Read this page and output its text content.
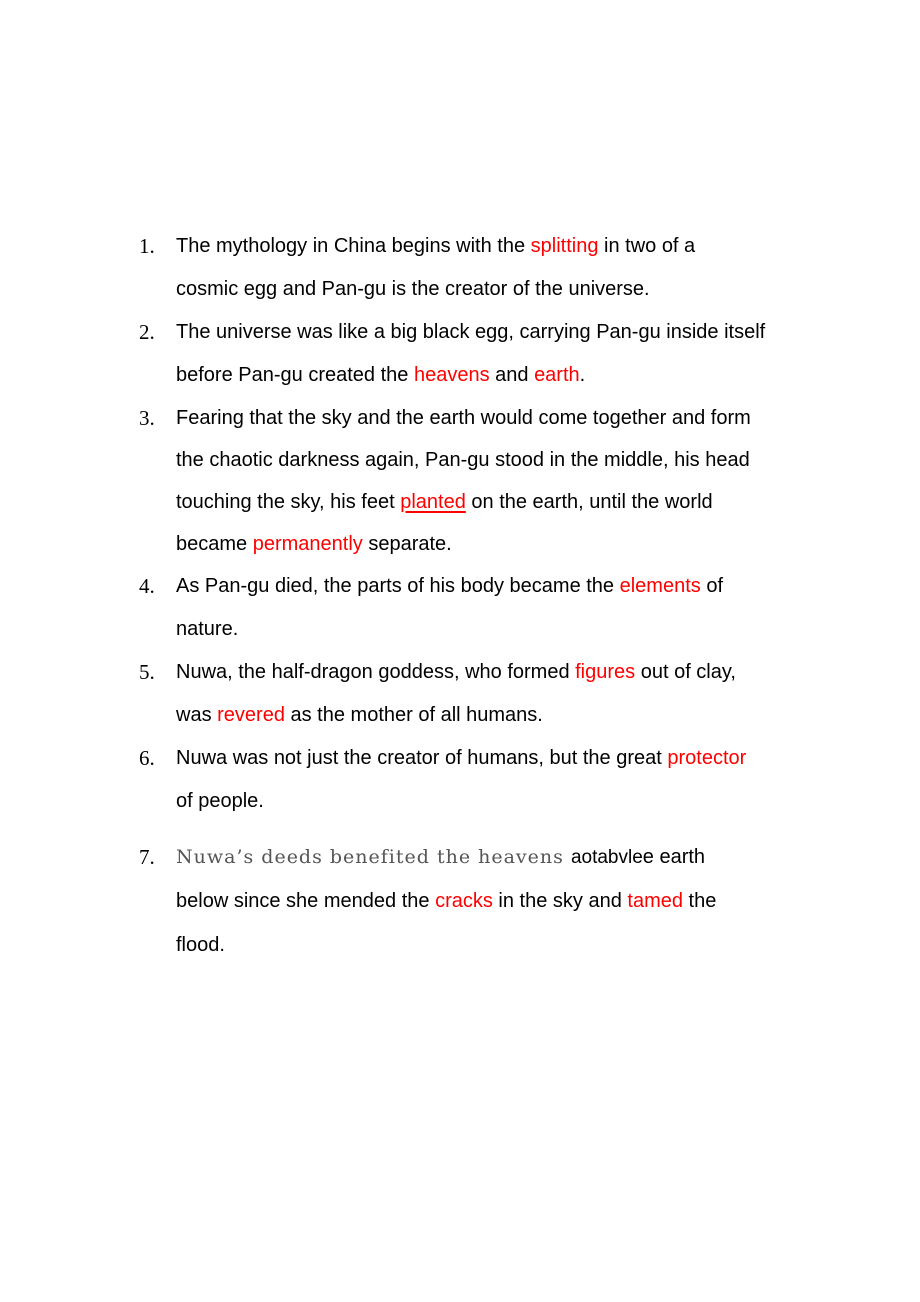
1.	The mythology in China begins with the splitting in two of a
cosmic egg and Pan-gu is the creator of the universe.
2.	The universe was like a big black egg, carrying Pan-gu inside itself
before Pan-gu created the heavens and earth.
3.	Fearing that the sky and the earth would come together and form
the chaotic darkness again, Pan-gu stood in the middle, his head
touching the sky, his feet planted on the earth, until the world
became permanently separate.
4.	As Pan-gu died, the parts of his body became the elements of
nature.
5.	Nuwa, the half-dragon goddess, who formed figures out of clay,
was revered as the mother of all humans.
6.	Nuwa was not just the creator of humans, but the great protector
of people.
7.	Nuwa’s deeds benefited the heavens aotabvlee earth
below since she mended the cracks in the sky and tamed the
flood.
